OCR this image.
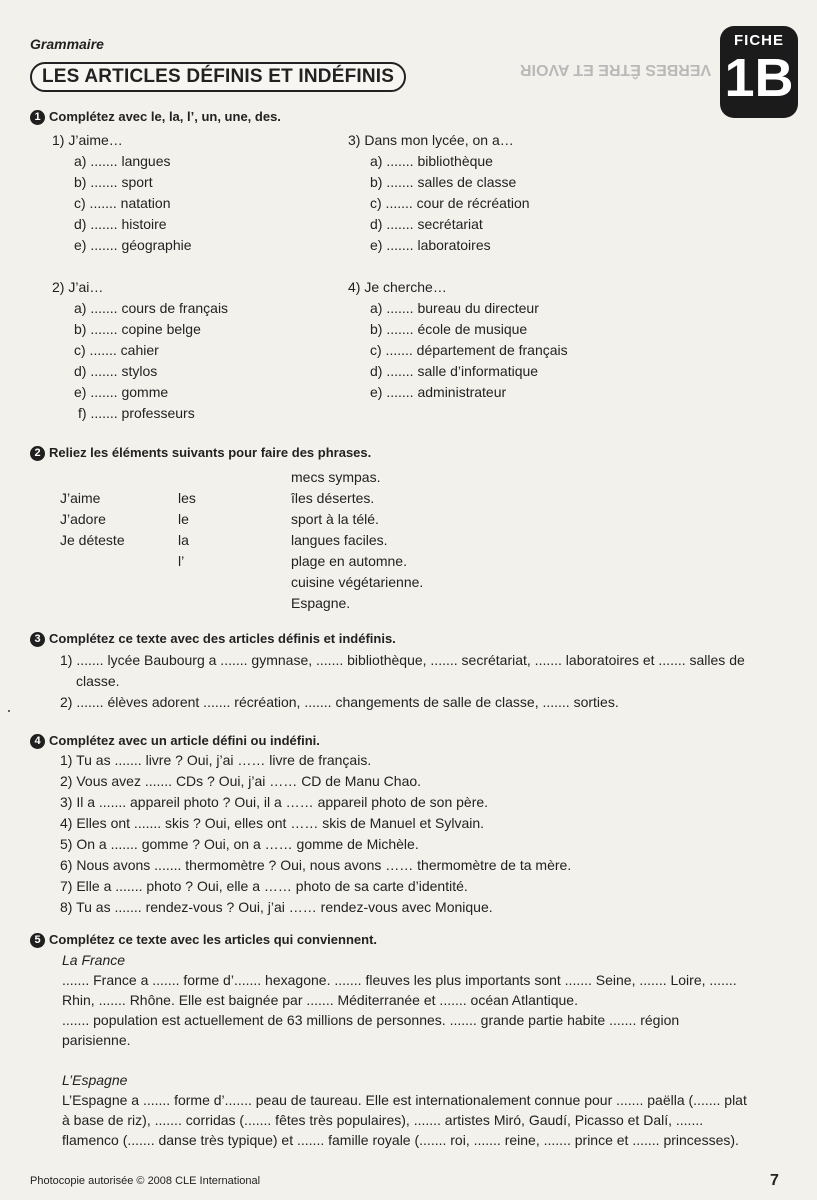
Grammaire
LES ARTICLES DÉFINIS ET INDÉFINIS	VERBES ÊTRE ET AVOIR
FICHE
1B
1 Complétez avec le, la, l’, un, une, des.
1) J’aime…
a) ....... langues
b) ....... sport
c) ....... natation
d) ....... histoire
e) ....... géographie
3) Dans mon lycée, on a…
a) ....... bibliothèque
b) ....... salles de classe
c) ....... cour de récréation
d) ....... secrétariat
e) ....... laboratoires
2) J’ai…
a) ....... cours de français
b) ....... copine belge
c) ....... cahier
d) ....... stylos
e) ....... gomme
f) ....... professeurs
4) Je cherche…
a) ....... bureau du directeur
b) ....... école de musique
c) ....... département de français
d) ....... salle d’informatique
e) ....... administrateur
2 Reliez les éléments suivants pour faire des phrases.
J’aime
J’adore
Je déteste
les
le
la
l’
mecs sympas.
îles désertes.
sport à la télé.
langues faciles.
plage en automne.
cuisine végétarienne.
Espagne.
3 Complétez ce texte avec des articles définis et indéfinis.
1) ....... lycée Baubourg a ....... gymnase, ....... bibliothèque, ....... secrétariat, ....... laboratoires et ....... salles de
classe.
2) ....... élèves adorent ....... récréation, ....... changements de salle de classe, ....... sorties.
4 Complétez avec un article défini ou indéfini.
1) Tu as ....... livre ? Oui, j’ai …… livre de français.
2) Vous avez ....... CDs ? Oui, j’ai …… CD de Manu Chao.
3) Il a ....... appareil photo ? Oui, il a …… appareil photo de son père.
4) Elles ont ....... skis ? Oui, elles ont …… skis de Manuel et Sylvain.
5) On a ....... gomme ? Oui, on a …… gomme de Michèle.
6) Nous avons ....... thermomètre ? Oui, nous avons …… thermomètre de ta mère.
7) Elle a ....... photo ? Oui, elle a …… photo de sa carte d’identité.
8) Tu as ....... rendez-vous ? Oui, j’ai …… rendez-vous avec Monique.
5 Complétez ce texte avec les articles qui conviennent.
La France
....... France a ....... forme d’....... hexagone. ....... fleuves les plus importants sont ....... Seine, ....... Loire, .......
Rhin, ....... Rhône. Elle est baignée par ....... Méditerranée et ....... océan Atlantique.
....... population est actuellement de 63 millions de personnes. ....... grande partie habite ....... région
parisienne.
L’Espagne
L’Espagne a ....... forme d’....... peau de taureau. Elle est internationalement connue pour ....... paëlla (....... plat
à base de riz), ....... corridas (....... fêtes très populaires), ....... artistes Miró, Gaudí, Picasso et Dalí, .......
flamenco (....... danse très typique) et ....... famille royale (....... roi, ....... reine, ....... prince et ....... princesses).
Photocopie autorisée © 2008 CLE International	7
